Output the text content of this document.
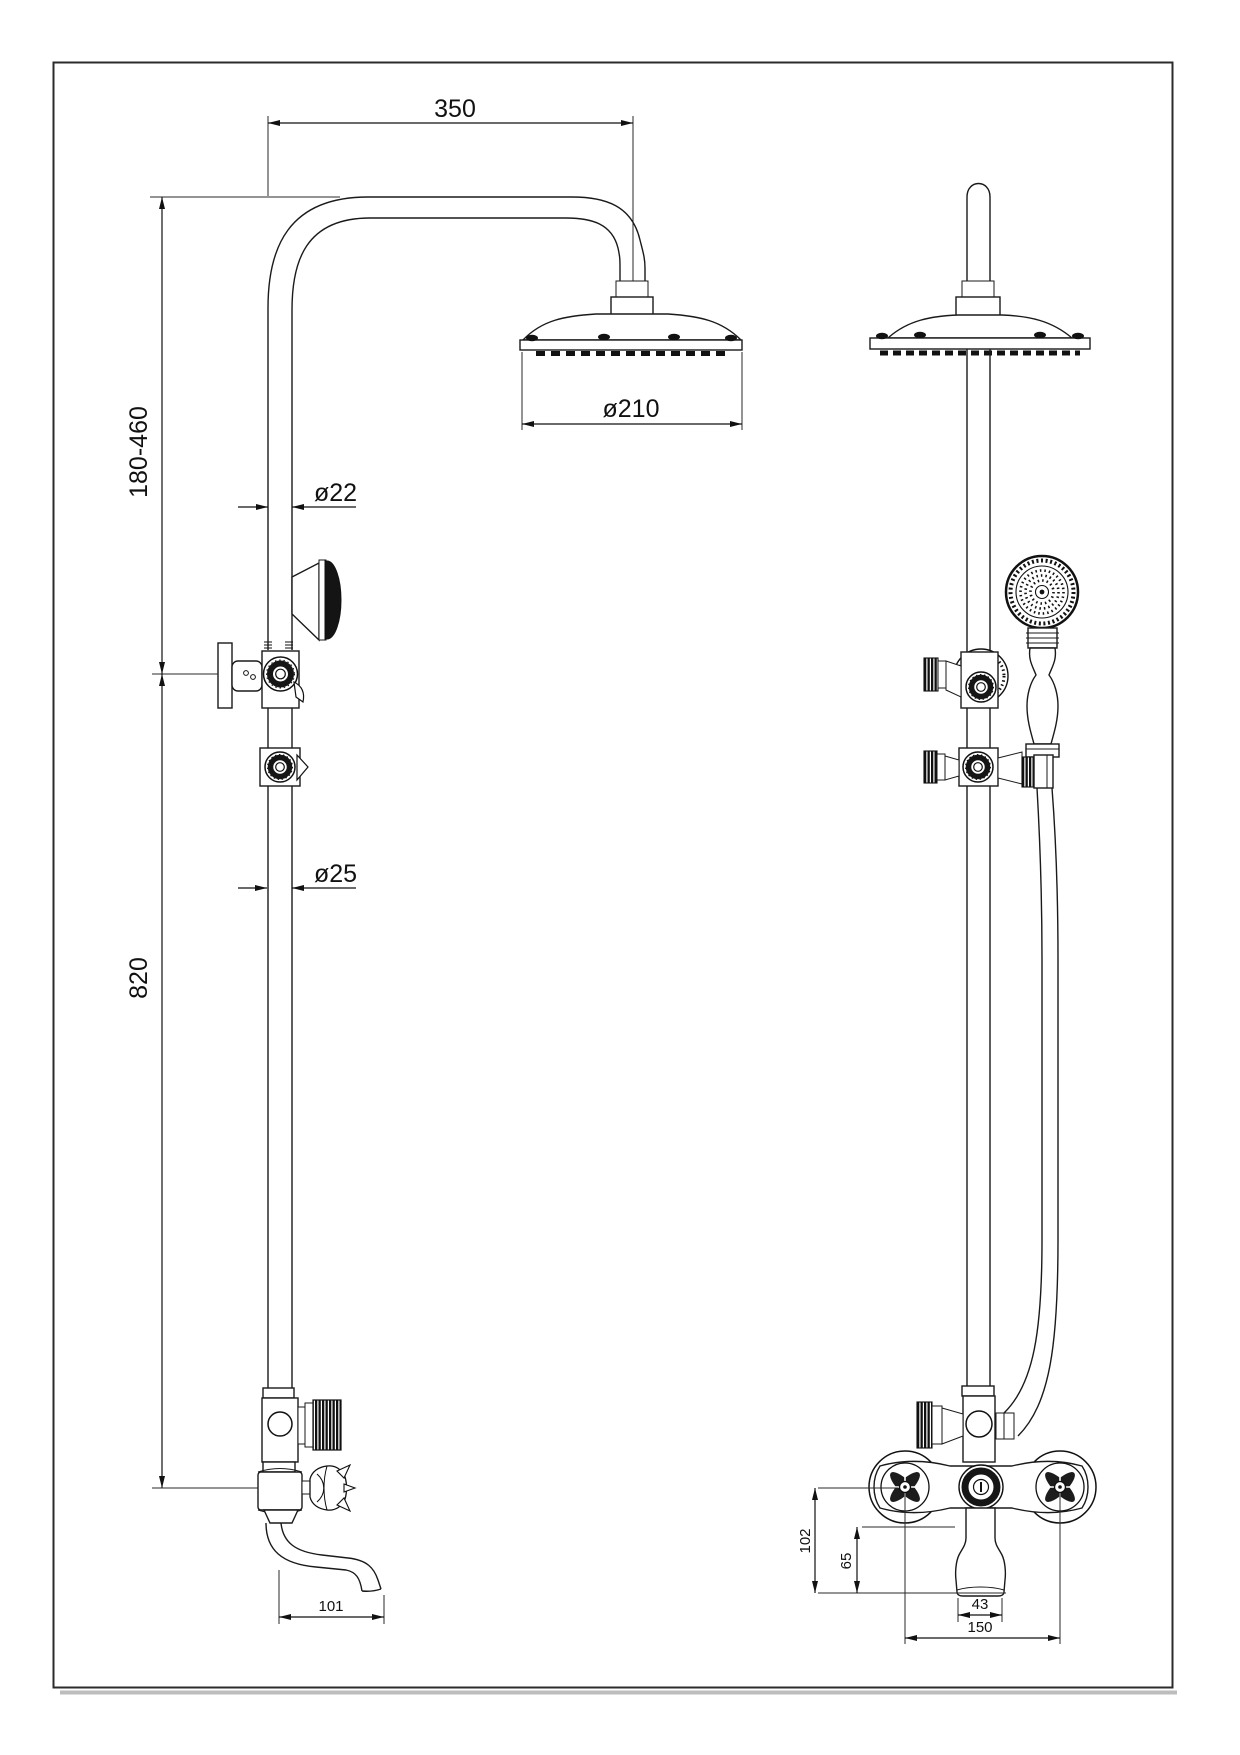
350
180-460
820
ø22
ø25
ø210
101
102
65
43
150
